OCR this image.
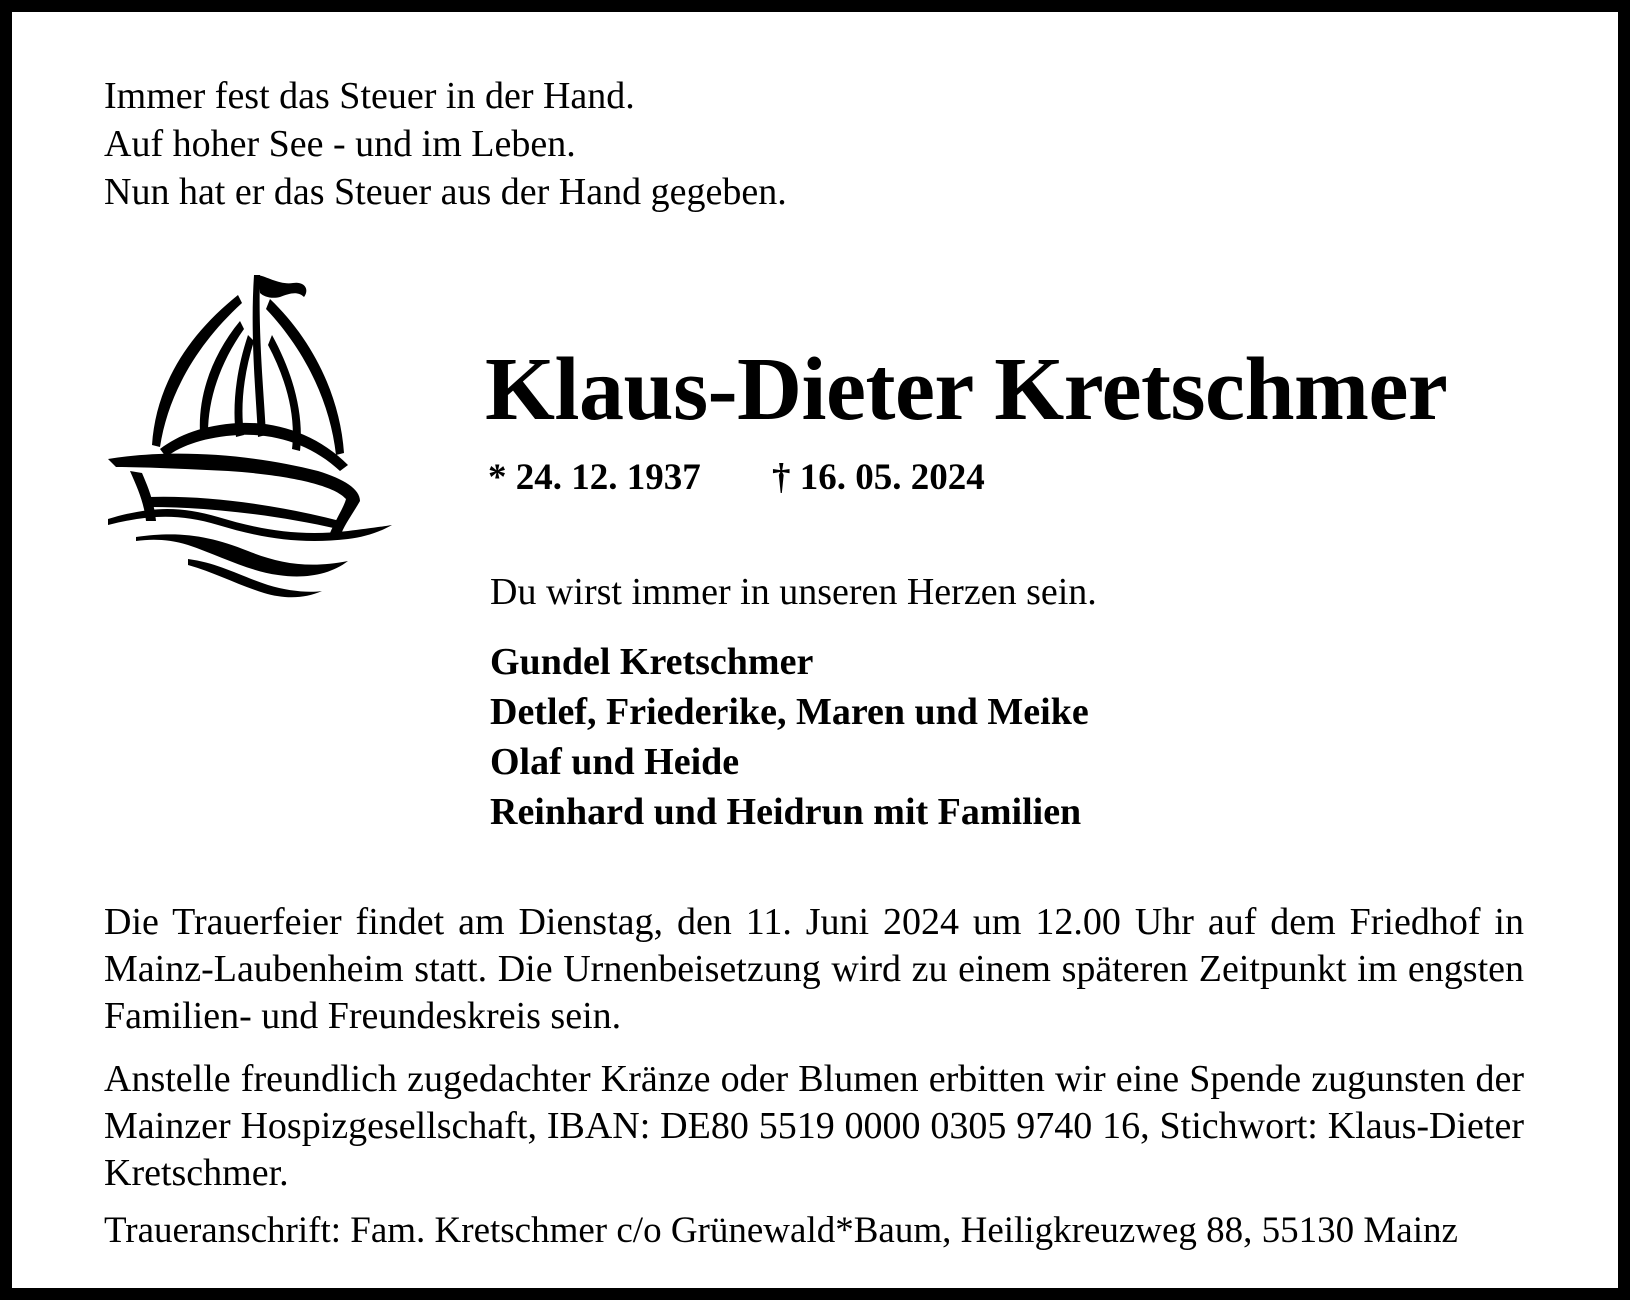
Immer fest das Steuer in der Hand.
Auf hoher See - und im Leben.
Nun hat er das Steuer aus der Hand gegeben.
Klaus-Dieter Kretschmer
* 24. 12. 1937 † 16. 05. 2024
Du wirst immer in unseren Herzen sein.
Gundel Kretschmer
Detlef, Friederike, Maren und Meike
Olaf und Heide
Reinhard und Heidrun mit Familien
Die Trauerfeier findet am Dienstag, den 11. Juni 2024 um 12.00 Uhr auf dem Friedhof in Mainz-Laubenheim statt. Die Urnenbeisetzung wird zu einem späteren Zeitpunkt im engsten Familien- und Freundeskreis sein.
Anstelle freundlich zugedachter Kränze oder Blumen erbitten wir eine Spende zugunsten der Mainzer Hospizgesellschaft, IBAN: DE80 5519 0000 0305 9740 16, Stichwort: Klaus-Dieter Kretschmer.
Traueranschrift: Fam. Kretschmer c/o Grünewald*Baum, Heiligkreuzweg 88, 55130 Mainz
